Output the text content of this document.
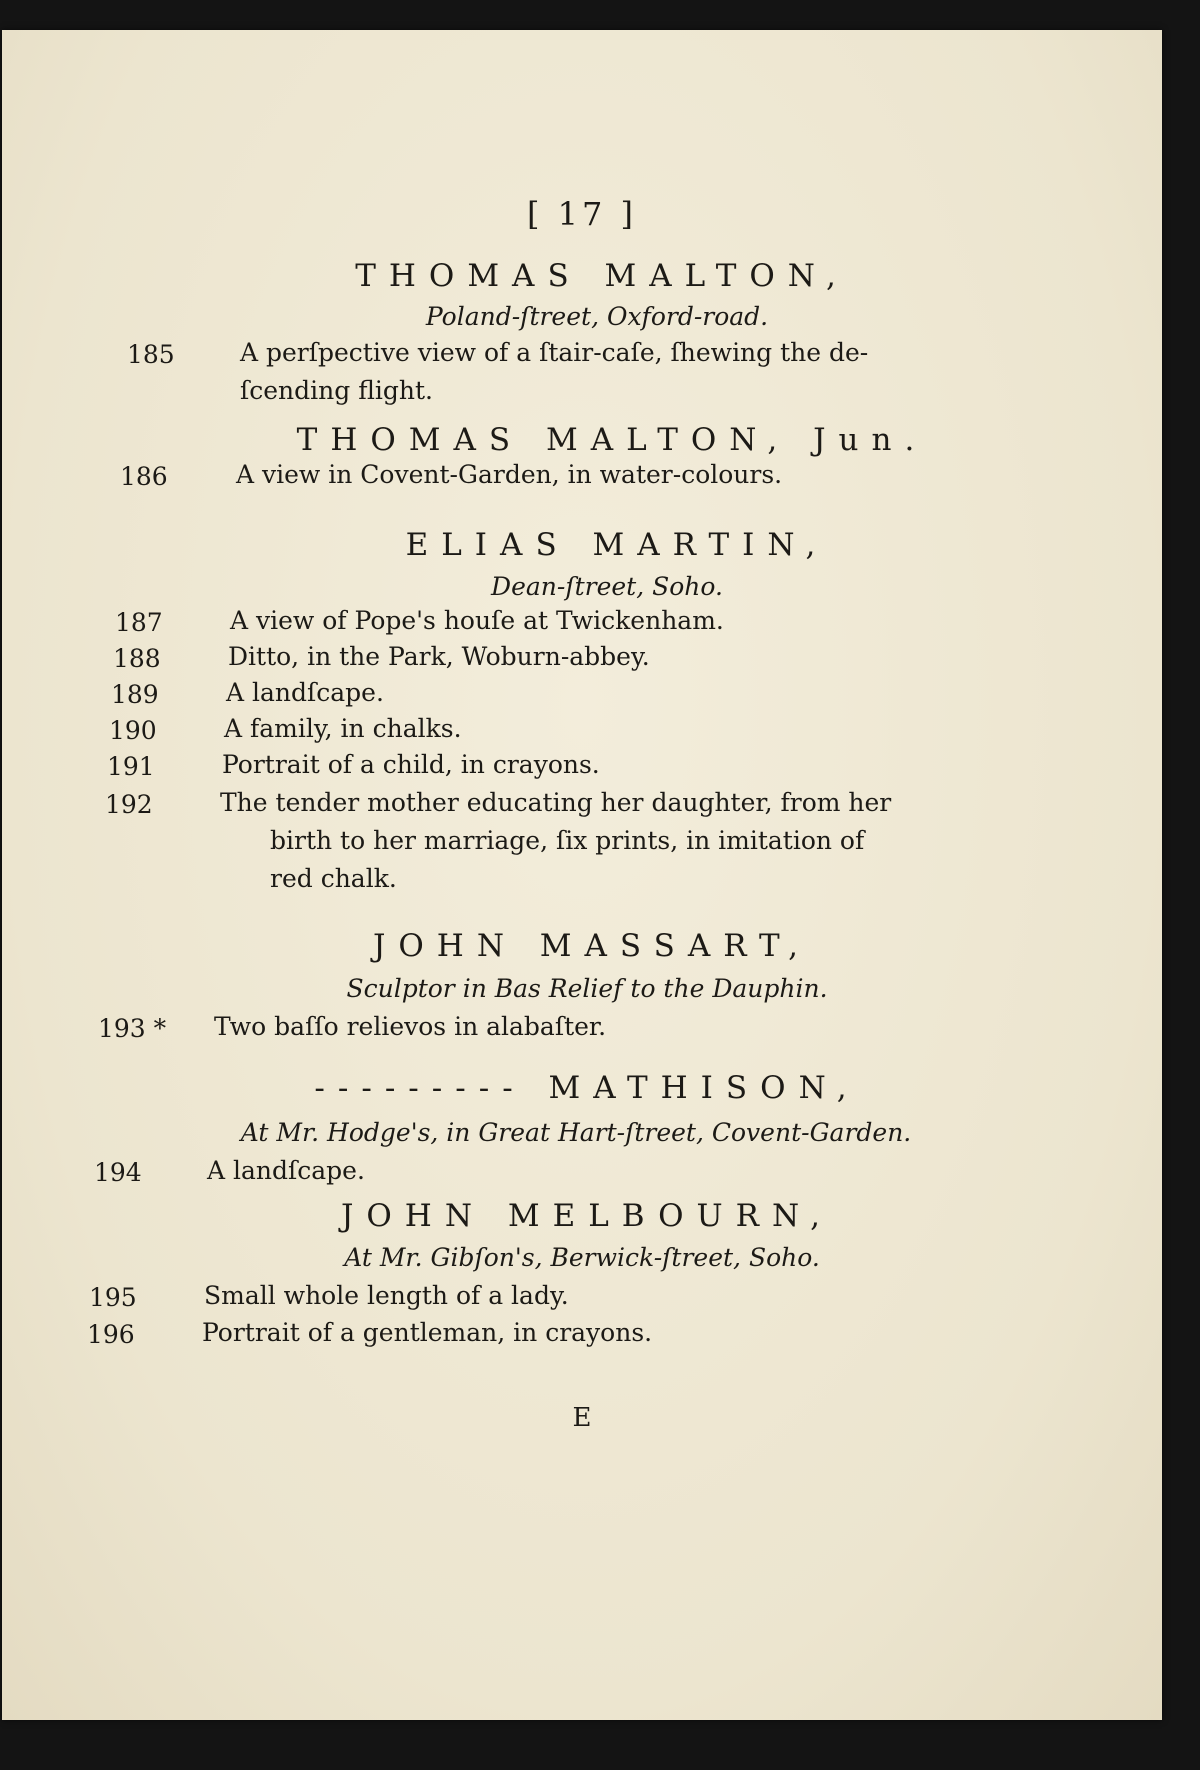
[ 17 ]
THOMAS MALTON,
Poland-ſtreet, Oxford-road.
185	A perſpective view of a ſtair-caſe, ſhewing the de-
ſcending flight.
THOMAS MALTON, Jun.
186	A view in Covent-Garden, in water-colours.
ELIAS MARTIN,
Dean-ſtreet, Soho.
187	A view of Pope's houſe at Twickenham.
188	Ditto, in the Park, Woburn-abbey.
189	A landſcape.
190	A family, in chalks.
191	Portrait of a child, in crayons.
192	The tender mother educating her daughter, from her
birth to her marriage, ſix prints, in imitation of
red chalk.
JOHN MASSART,
Sculptor in Bas Relief to the Dauphin.
193 * Two baſſo relievos in alabaſter.
--------- MATHISON,
At Mr. Hodge's, in Great Hart-ſtreet, Covent-Garden.
194	A landſcape.
JOHN MELBOURN,
At Mr. Gibſon's, Berwick-ſtreet, Soho.
195	Small whole length of a lady.
196	Portrait of a gentleman, in crayons.
E
